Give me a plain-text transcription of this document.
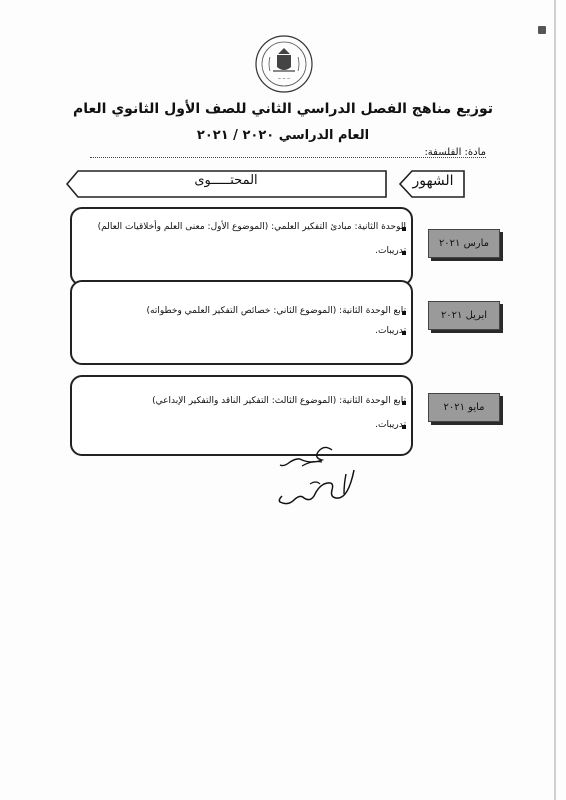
~ ~ ~
توزيع مناهج الفصل الدراسي الثاني للصف الأول الثانوي العام
العام الدراسي ٢٠٢٠ / ٢٠٢١
مادة: الفلسفة:
المحتـــــوى	الشهور
مارس ٢٠٢١
الوحدة الثانية: مبادئ التفكير العلمي: (الموضوع الأول: معنى العلم وأخلاقيات العالم)
تدريبات.
ابريل ٢٠٢١
تابع الوحدة الثانية: (الموضوع الثاني: خصائص التفكير العلمي وخطواته)
تدريبات.
مايو ٢٠٢١
تابع الوحدة الثانية: (الموضوع الثالث: التفكير الناقد والتفكير الإبداعي)
تدريبات.
